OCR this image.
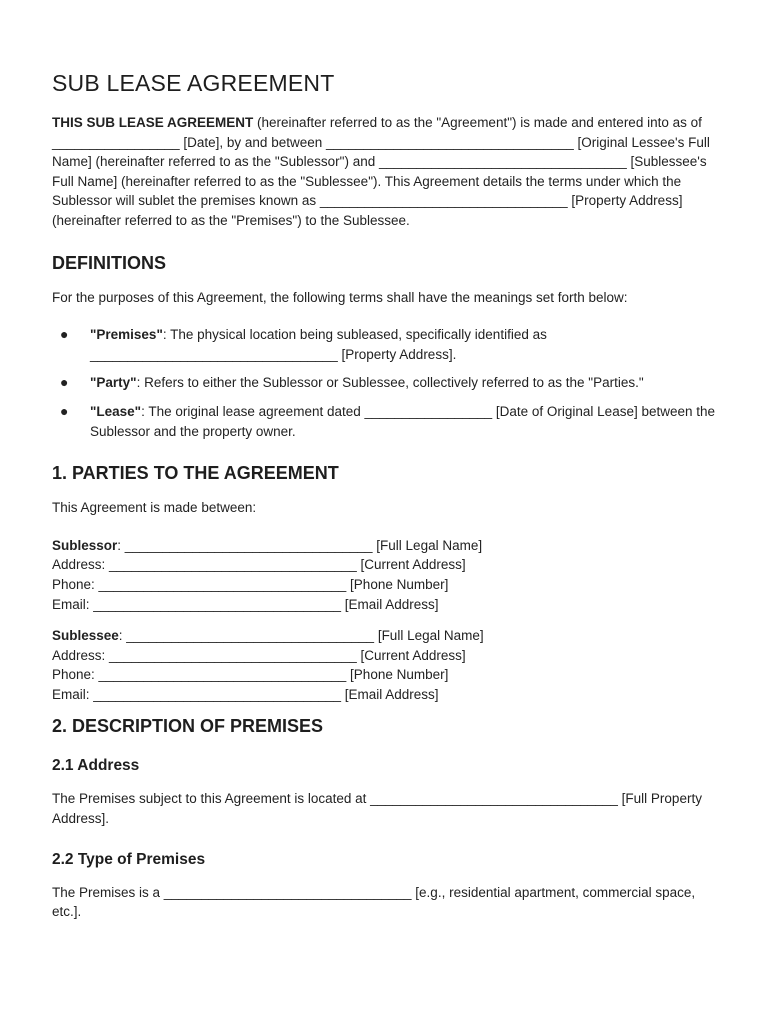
SUB LEASE AGREEMENT

THIS SUB LEASE AGREEMENT (hereinafter referred to as the "Agreement") is made and entered into as of _________________ [Date], by and between _________________________________ [Original Lessee's Full Name] (hereinafter referred to as the "Sublessor") and _________________________________ [Sublessee's Full Name] (hereinafter referred to as the "Sublessee"). This Agreement details the terms under which the Sublessor will sublet the premises known as _________________________________ [Property Address] (hereinafter referred to as the "Premises") to the Sublessee.

DEFINITIONS

For the purposes of this Agreement, the following terms shall have the meanings set forth below:

● "Premises": The physical location being subleased, specifically identified as _________________________________ [Property Address].
● "Party": Refers to either the Sublessor or Sublessee, collectively referred to as the "Parties."
● "Lease": The original lease agreement dated _________________ [Date of Original Lease] between the Sublessor and the property owner.
1. PARTIES TO THE AGREEMENT

This Agreement is made between:

Sublessor: _________________________________ [Full Legal Name]
Address: _________________________________ [Current Address]
Phone: _________________________________ [Phone Number]
Email: _________________________________ [Email Address]
Sublessee: _________________________________ [Full Legal Name]
Address: _________________________________ [Current Address]
Phone: _________________________________ [Phone Number]
Email: _________________________________ [Email Address]
2. DESCRIPTION OF PREMISES
2.1 Address

The Premises subject to this Agreement is located at _________________________________ [Full Property Address].

2.2 Type of Premises

The Premises is a _________________________________ [e.g., residential apartment, commercial space, etc.].
